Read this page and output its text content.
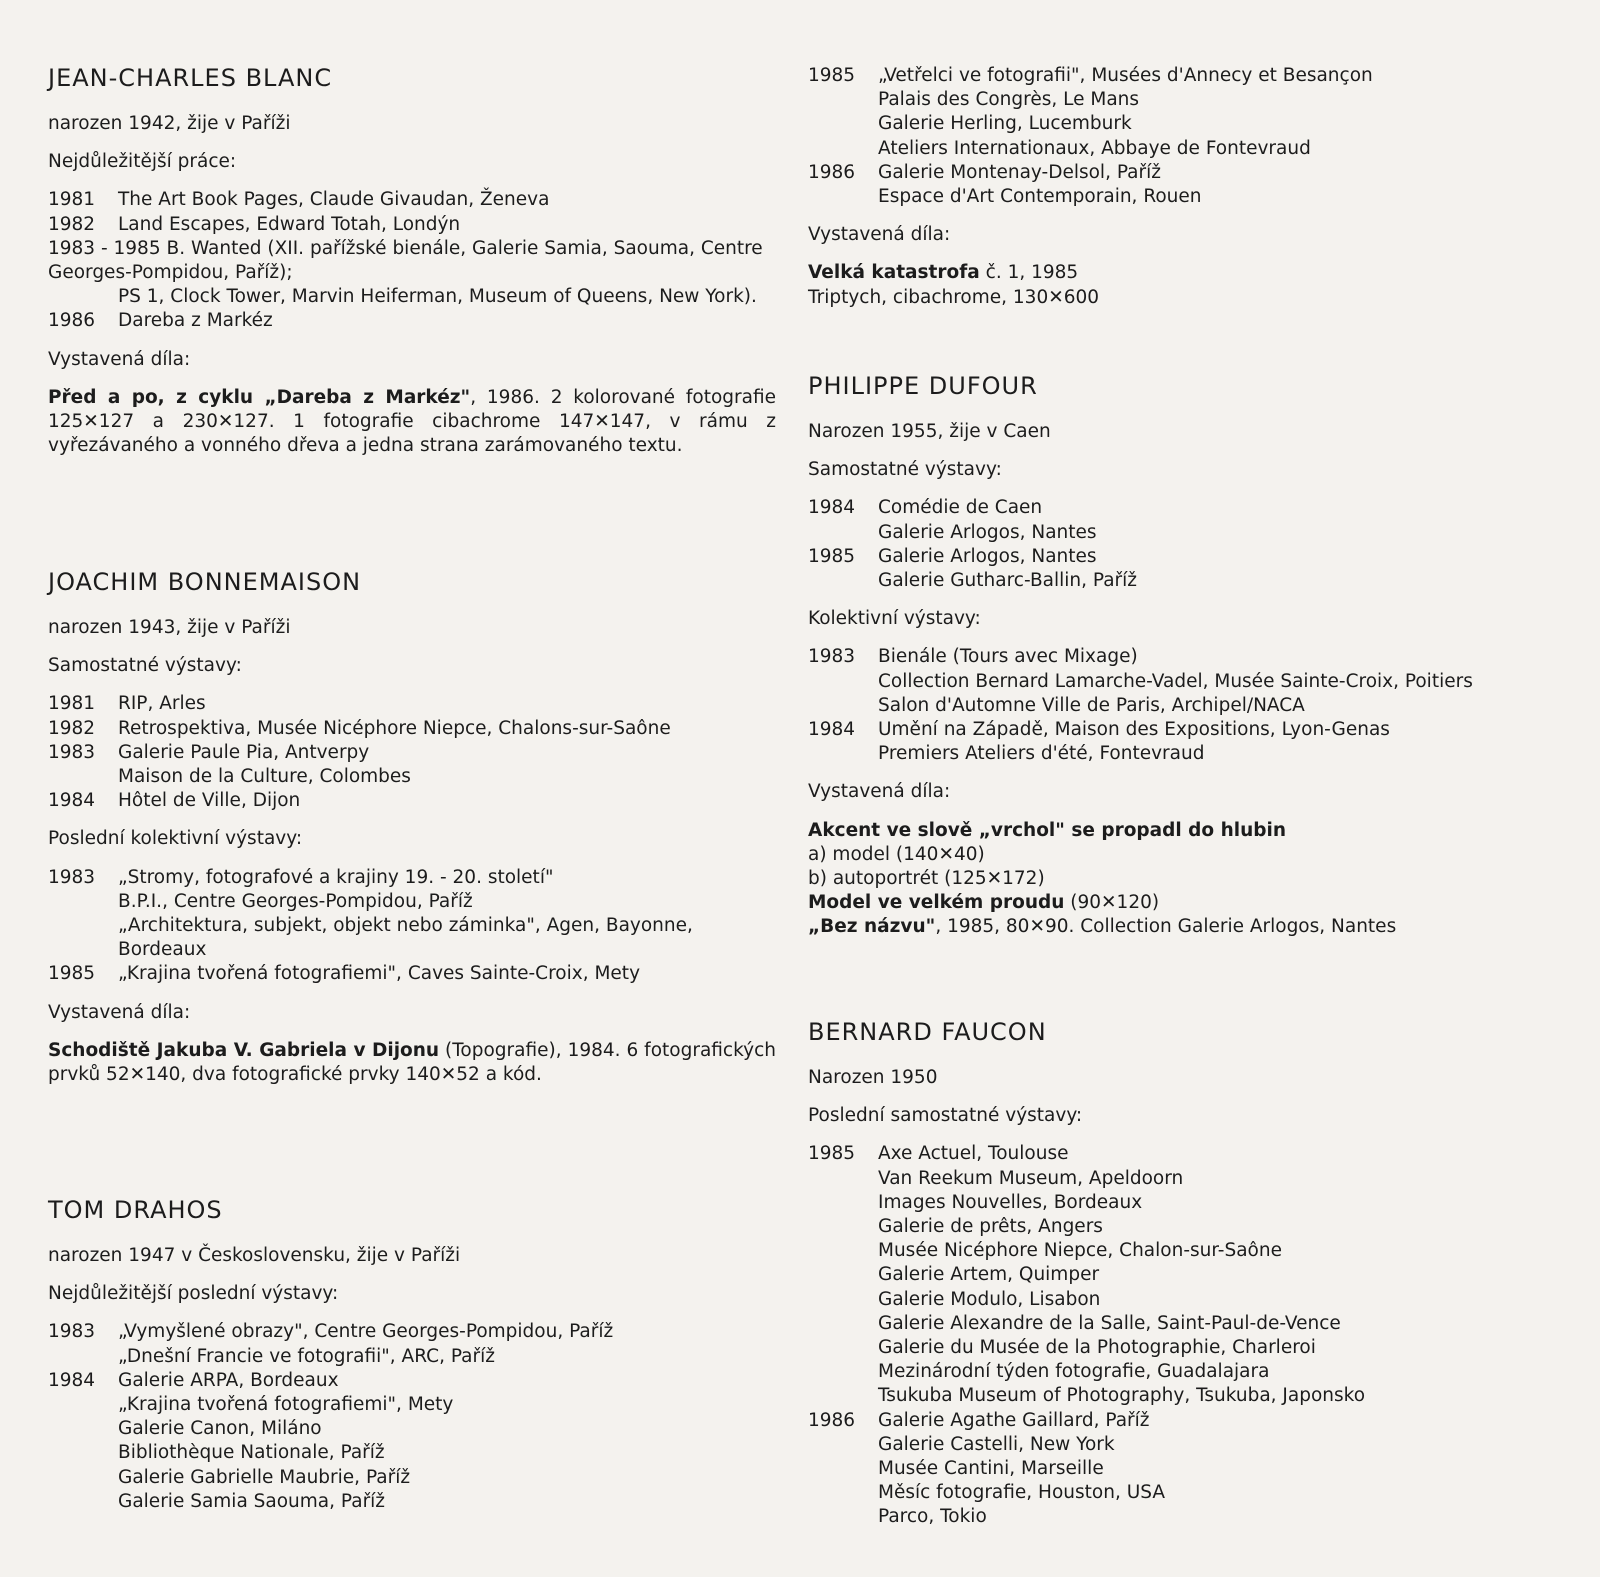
JEAN-CHARLES BLANC

narozen 1942, žije v Paříži

Nejdůležitější práce:

1981	The Art Book Pages, Claude Givaudan, Ženeva
1982	Land Escapes, Edward Totah, Londýn
1983 - 1985 B. Wanted (XII. pařížské bienále, Galerie Samia, Saouma, Centre Georges-Pompidou, Paříž);
PS 1, Clock Tower, Marvin Heiferman, Museum of Queens, New York).
1986	Dareba z Markéz

Vystavená díla:

Před a po, z cyklu „Dareba z Markéz", 1986. 2 kolorované fotografie 125✕127 a 230✕127. 1 fotografie cibachrome 147✕147, v rámu z vyřezávaného a vonného dřeva a jedna strana zarámovaného textu.

JOACHIM BONNEMAISON

narozen 1943, žije v Paříži

Samostatné výstavy:

1981	RIP, Arles
1982	Retrospektiva, Musée Nicéphore Niepce, Chalons-sur-Saône
1983	Galerie Paule Pia, Antverpy
Maison de la Culture, Colombes
1984	Hôtel de Ville, Dijon

Poslední kolektivní výstavy:

1983	„Stromy, fotografové a krajiny 19. - 20. století"
B.P.I., Centre Georges-Pompidou, Paříž
„Architektura, subjekt, objekt nebo záminka", Agen, Bayonne, Bordeaux
1985	„Krajina tvořená fotografiemi", Caves Sainte-Croix, Mety

Vystavená díla:

Schodiště Jakuba V. Gabriela v Dijonu (Topografie), 1984. 6 fotografických prvků 52✕140, dva fotografické prvky 140✕52 a kód.

TOM DRAHOS

narozen 1947 v Československu, žije v Paříži

Nejdůležitější poslední výstavy:

1983	„Vymyšlené obrazy", Centre Georges-Pompidou, Paříž
„Dnešní Francie ve fotografii", ARC, Paříž
1984	Galerie ARPA, Bordeaux
„Krajina tvořená fotografiemi", Mety
Galerie Canon, Miláno
Bibliothèque Nationale, Paříž
Galerie Gabrielle Maubrie, Paříž
Galerie Samia Saouma, Paříž
1985	„Vetřelci ve fotografii", Musées d'Annecy et Besançon
Palais des Congrès, Le Mans
Galerie Herling, Lucemburk
Ateliers Internationaux, Abbaye de Fontevraud
1986	Galerie Montenay-Delsol, Paříž
Espace d'Art Contemporain, Rouen

Vystavená díla:

Velká katastrofa č. 1, 1985

Triptych, cibachrome, 130✕600

PHILIPPE DUFOUR

Narozen 1955, žije v Caen

Samostatné výstavy:

1984	Comédie de Caen
Galerie Arlogos, Nantes
1985	Galerie Arlogos, Nantes
Galerie Gutharc-Ballin, Paříž

Kolektivní výstavy:

1983	Bienále (Tours avec Mixage)
Collection Bernard Lamarche-Vadel, Musée Sainte-Croix, Poitiers
Salon d'Automne Ville de Paris, Archipel/NACA
1984	Umění na Západě, Maison des Expositions, Lyon-Genas
Premiers Ateliers d'été, Fontevraud

Vystavená díla:

Akcent ve slově „vrchol" se propadl do hlubin

a) model (140✕40)

b) autoportrét (125✕172)

Model ve velkém proudu (90✕120)

„Bez názvu", 1985, 80✕90. Collection Galerie Arlogos, Nantes

BERNARD FAUCON

Narozen 1950

Poslední samostatné výstavy:

1985	Axe Actuel, Toulouse
Van Reekum Museum, Apeldoorn
Images Nouvelles, Bordeaux
Galerie de prêts, Angers
Musée Nicéphore Niepce, Chalon-sur-Saône
Galerie Artem, Quimper
Galerie Modulo, Lisabon
Galerie Alexandre de la Salle, Saint-Paul-de-Vence
Galerie du Musée de la Photographie, Charleroi
Mezinárodní týden fotografie, Guadalajara
Tsukuba Museum of Photography, Tsukuba, Japonsko
1986	Galerie Agathe Gaillard, Paříž
Galerie Castelli, New York
Musée Cantini, Marseille
Měsíc fotografie, Houston, USA
Parco, Tokio
